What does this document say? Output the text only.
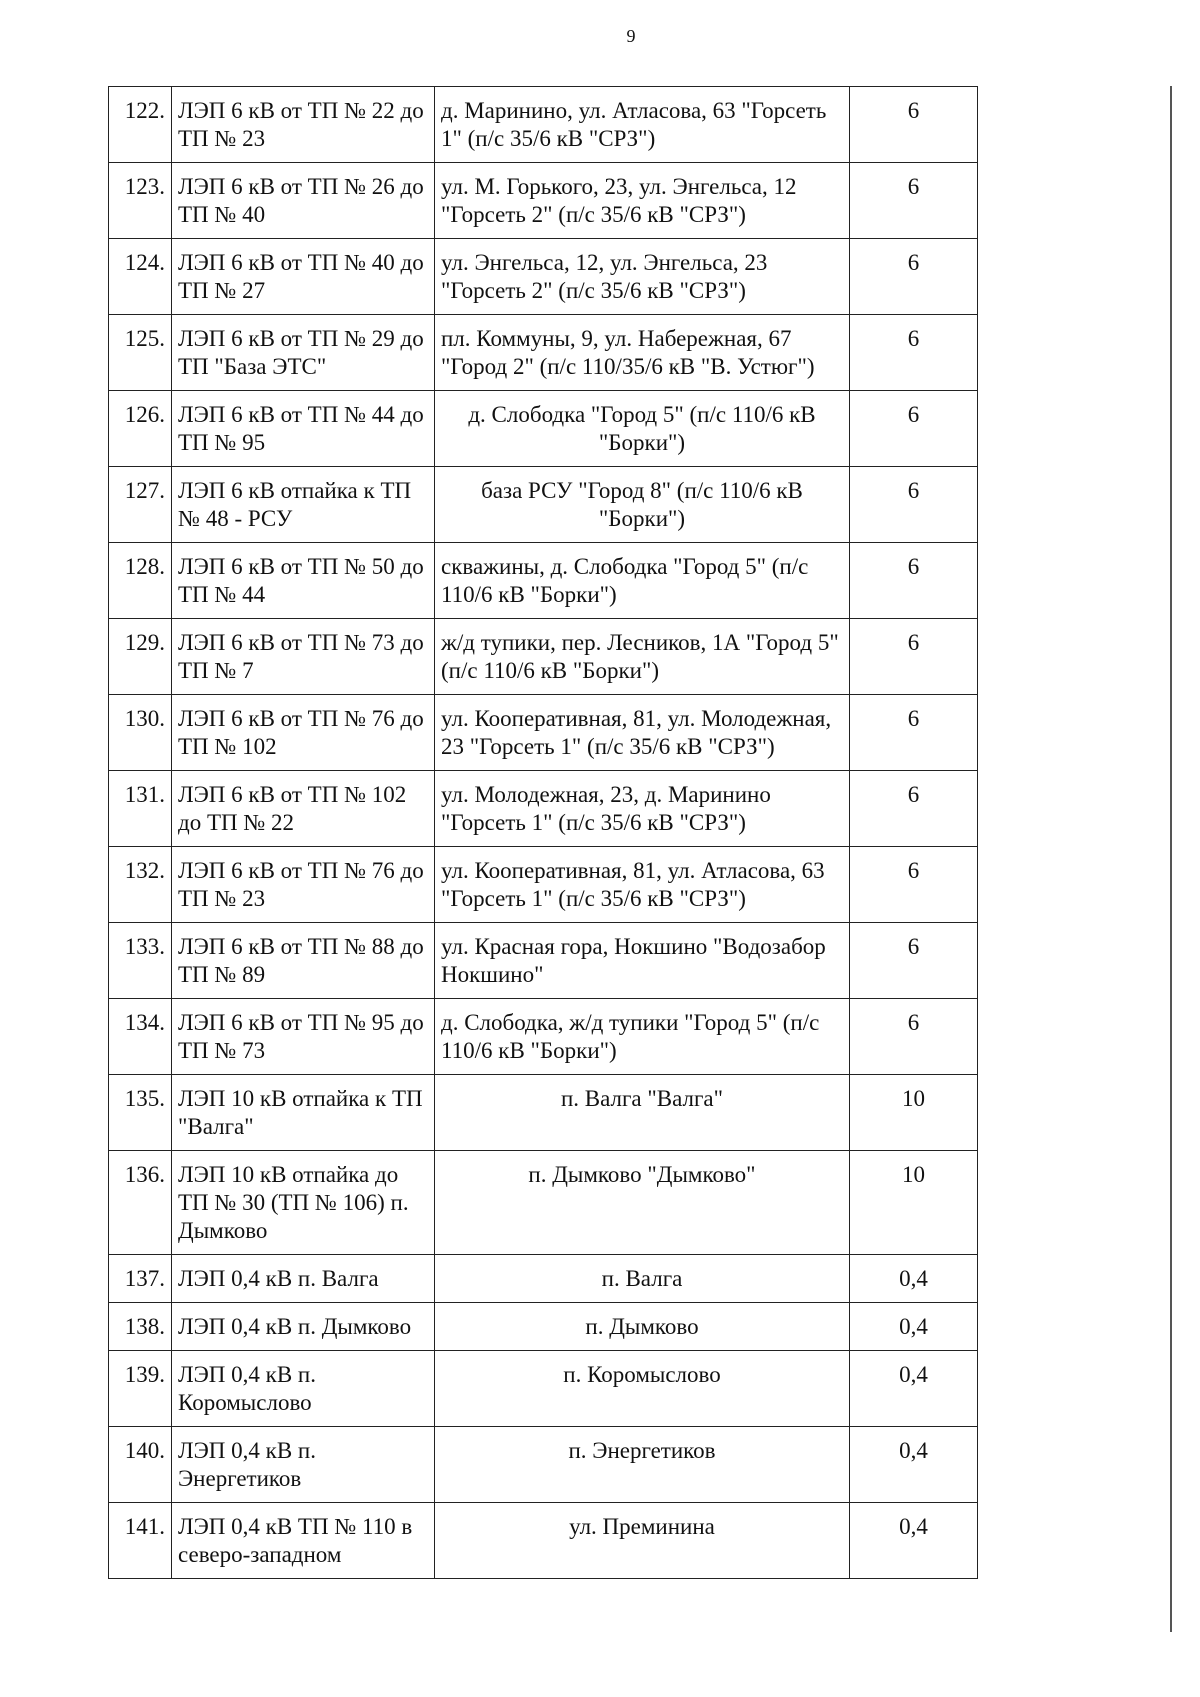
9
122.	ЛЭП 6 кВ от ТП № 22 до ТП № 23	д. Маринино, ул. Атласова, 63 "Горсеть 1" (п/с 35/6 кВ "СРЗ")	6
123.	ЛЭП 6 кВ от ТП № 26 до ТП № 40	ул. М. Горького, 23, ул. Энгельса, 12 "Горсеть 2" (п/с 35/6 кВ "СРЗ")	6
124.	ЛЭП 6 кВ от ТП № 40 до ТП № 27	ул. Энгельса, 12, ул. Энгельса, 23 "Горсеть 2" (п/с 35/6 кВ "СРЗ")	6
125.	ЛЭП 6 кВ от ТП № 29 до ТП "База ЭТС"	пл. Коммуны, 9, ул. Набережная, 67 "Город 2" (п/с 110/35/6 кВ "В. Устюг")	6
126.	ЛЭП 6 кВ от ТП № 44 до ТП № 95	д. Слободка "Город 5" (п/с 110/6 кВ "Борки")	6
127.	ЛЭП 6 кВ отпайка к ТП № 48 - РСУ	база РСУ "Город 8" (п/с 110/6 кВ "Борки")	6
128.	ЛЭП 6 кВ от ТП № 50 до ТП № 44	скважины, д. Слободка "Город 5" (п/с 110/6 кВ "Борки")	6
129.	ЛЭП 6 кВ от ТП № 73 до ТП № 7	ж/д тупики, пер. Лесников, 1А "Город 5" (п/с 110/6 кВ "Борки")	6
130.	ЛЭП 6 кВ от ТП № 76 до ТП № 102	ул. Кооперативная, 81, ул. Молодежная, 23 "Горсеть 1" (п/с 35/6 кВ "СРЗ")	6
131.	ЛЭП 6 кВ от ТП № 102 до ТП № 22	ул. Молодежная, 23, д. Маринино "Горсеть 1" (п/с 35/6 кВ "СРЗ")	6
132.	ЛЭП 6 кВ от ТП № 76 до ТП № 23	ул. Кооперативная, 81, ул. Атласова, 63 "Горсеть 1" (п/с 35/6 кВ "СРЗ")	6
133.	ЛЭП 6 кВ от ТП № 88 до ТП № 89	ул. Красная гора, Нокшино "Водозабор Нокшино"	6
134.	ЛЭП 6 кВ от ТП № 95 до ТП № 73	д. Слободка, ж/д тупики "Город 5" (п/с 110/6 кВ "Борки")	6
135.	ЛЭП 10 кВ отпайка к ТП "Валга"	п. Валга "Валга"	10
136.	ЛЭП 10 кВ отпайка до ТП № 30 (ТП № 106) п. Дымково	п. Дымково "Дымково"	10
137.	ЛЭП 0,4 кВ п. Валга	п. Валга	0,4
138.	ЛЭП 0,4 кВ п. Дымково	п. Дымково	0,4
139.	ЛЭП 0,4 кВ п. Коромыслово	п. Коромыслово	0,4
140.	ЛЭП 0,4 кВ п. Энергетиков	п. Энергетиков	0,4
141.	ЛЭП 0,4 кВ ТП № 110 в северо-западном	ул. Преминина	0,4
